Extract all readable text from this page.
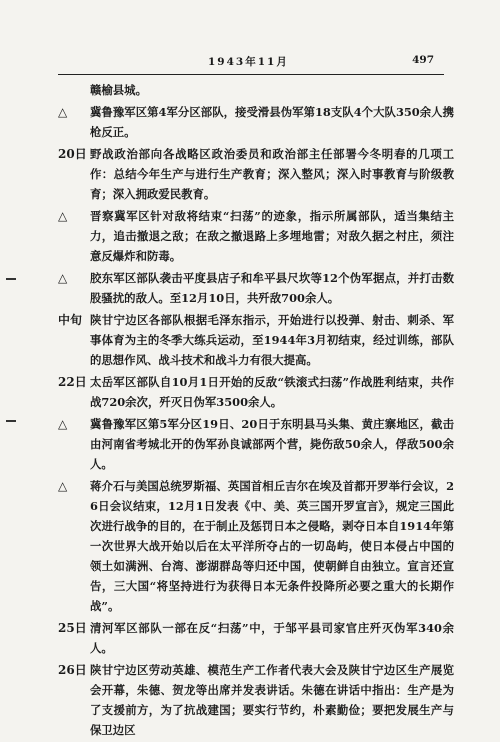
1943年11月	497
赣榆县城。
△	冀鲁豫军区第4军分区部队，接受滑县伪军第18支队4个大队350余人携枪反正。
20日 野战政治部向各战略区政治委员和政治部主任部署今冬明春的几项工作：总结今年生产与进行生产教育；深入整风；深入时事教育与阶级教育；深入拥政爱民教育。
△	晋察冀军区针对敌将结束“扫荡”的迹象，指示所属部队，适当集结主力，追击撤退之敌；在敌之撤退路上多埋地雷；对敌久据之村庄，须注意反爆炸和防毒。
△	胶东军区部队袭击平度县店子和牟平县尺坎等12个伪军据点，并打击数股骚扰的敌人。至12月10日，共歼敌700余人。
中旬 陕甘宁边区各部队根据毛泽东指示，开始进行以投弹、射击、刺杀、军事体育为主的冬季大练兵运动，至1944年3月初结束，经过训练，部队的思想作风、战斗技术和战斗力有很大提高。
22日 太岳军区部队自10月1日开始的反敌“铁滚式扫荡”作战胜利结束，共作战720余次，歼灭日伪军3500余人。
△	冀鲁豫军区第5军分区19日、20日于东明县马头集、黄庄寨地区，截击由河南省考城北开的伪军孙良诚部两个营，毙伤敌50余人，俘敌500余人。
△	蒋介石与美国总统罗斯福、英国首相丘吉尔在埃及首都开罗举行会议，26日会议结束，12月1日发表《中、美、英三国开罗宣言》，规定三国此次进行战争的目的，在于制止及惩罚日本之侵略，剥夺日本自1914年第一次世界大战开始以后在太平洋所夺占的一切岛屿，使日本侵占中国的领土如满洲、台湾、澎湖群岛等归还中国，使朝鲜自由独立。宣言还宣告，三大国“将坚持进行为获得日本无条件投降所必要之重大的长期作战”。
25日 清河军区部队一部在反“扫荡”中，于邹平县司家官庄歼灭伪军340余人。
26日 陕甘宁边区劳动英雄、模范生产工作者代表大会及陕甘宁边区生产展览会开幕，朱德、贺龙等出席并发表讲话。朱德在讲话中指出：生产是为了支援前方，为了抗战建国；要实行节约，朴素勤俭；要把发展生产与保卫边区
